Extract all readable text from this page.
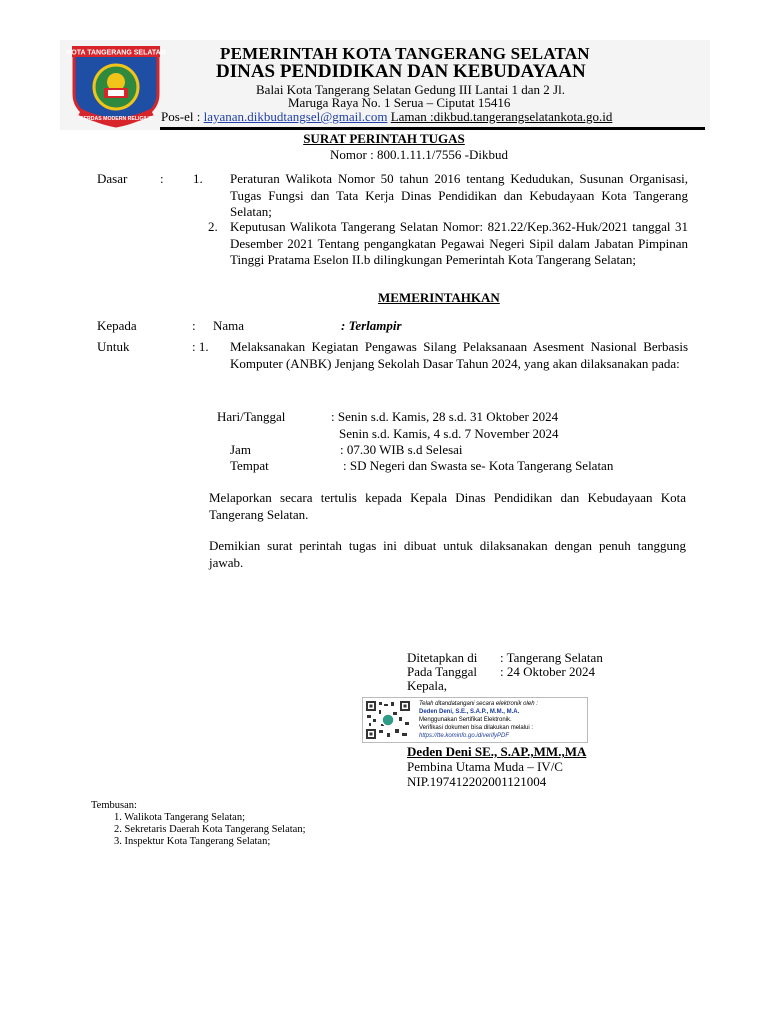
KOTA TANGERANG SELATAN
CERDAS MODERN RELIGIUS
PEMERINTAH KOTA TANGERANG SELATAN
DINAS PENDIDIKAN DAN KEBUDAYAAN
Balai Kota Tangerang Selatan Gedung III Lantai 1 dan 2 Jl.
Maruga Raya No. 1 Serua – Ciputat 15416
Pos-el : layanan.dikbudtangsel@gmail.com Laman :dikbud.tangerangselatankota.go.id
SURAT PERINTAH TUGAS
Nomor : 800.1.11.1/7556 -Dikbud
Dasar	: 1. Peraturan Walikota Nomor 50 tahun 2016 tentang Kedudukan, Susunan Organisasi, Tugas Fungsi dan Tata Kerja Dinas Pendidikan dan Kebudayaan Kota Tangerang Selatan;
2. Keputusan Walikota Tangerang Selatan Nomor: 821.22/Kep.362-Huk/2021 tanggal 31 Desember 2021 Tentang pengangkatan Pegawai Negeri Sipil dalam Jabatan Pimpinan Tinggi Pratama Eselon II.b dilingkungan Pemerintah Kota Tangerang Selatan;
MEMERINTAHKAN
Kepada	: Nama	: Terlampir
Untuk	: 1. Melaksanakan Kegiatan Pengawas Silang Pelaksanaan Asesment Nasional Berbasis Komputer (ANBK) Jenjang Sekolah Dasar Tahun 2024, yang akan dilaksanakan pada:
Hari/Tanggal	: Senin s.d. Kamis, 28 s.d. 31 Oktober 2024
Senin s.d. Kamis, 4 s.d. 7 November 2024
Jam	: 07.30 WIB s.d Selesai
Tempat	: SD Negeri dan Swasta se- Kota Tangerang Selatan
Melaporkan secara tertulis kepada Kepala Dinas Pendidikan dan Kebudayaan Kota Tangerang Selatan.
Demikian surat perintah tugas ini dibuat untuk dilaksanakan dengan penuh tanggung jawab.
Ditetapkan di : Tangerang Selatan
Pada Tanggal : 24 Oktober 2024
Kepala,
Telah ditandatangani secara elektronik oleh :
Deden Deni, S.E., S.A.P., M.M., M.A.
Menggunakan Sertifikat Elektronik.
Verifikasi dokumen bisa dilakukan melalui :
https://tte.kominfo.go.id/verifyPDF
Deden Deni SE., S.AP.,MM.,MA
Pembina Utama Muda – IV/C
NIP.197412202001121004
Tembusan:
1. Walikota Tangerang Selatan;
2. Sekretaris Daerah Kota Tangerang Selatan;
3. Inspektur Kota Tangerang Selatan;
